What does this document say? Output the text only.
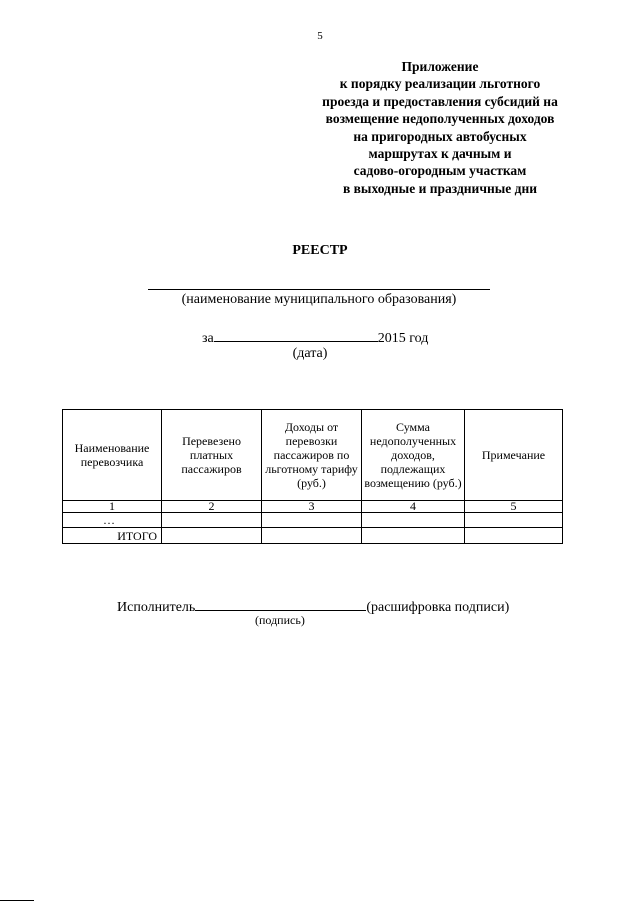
5
Приложение
к порядку реализации льготного
проезда и предоставления субсидий на
возмещение недополученных доходов
на пригородных автобусных
маршрутах к дачным и
садово-огородным участкам
в выходные и праздничные дни
РЕЕСТР
(наименование муниципального образования)
за	2015 год
(дата)
Наименование перевозчика	Перевезено платных пассажиров	Доходы от перевозки пассажиров по льготному тарифу (руб.)	Сумма недополученных доходов, подлежащих возмещению (руб.)	Примечание
1	2	3	4	5
…				
ИТОГО				
Исполнитель	(расшифровка подписи)
(подпись)
